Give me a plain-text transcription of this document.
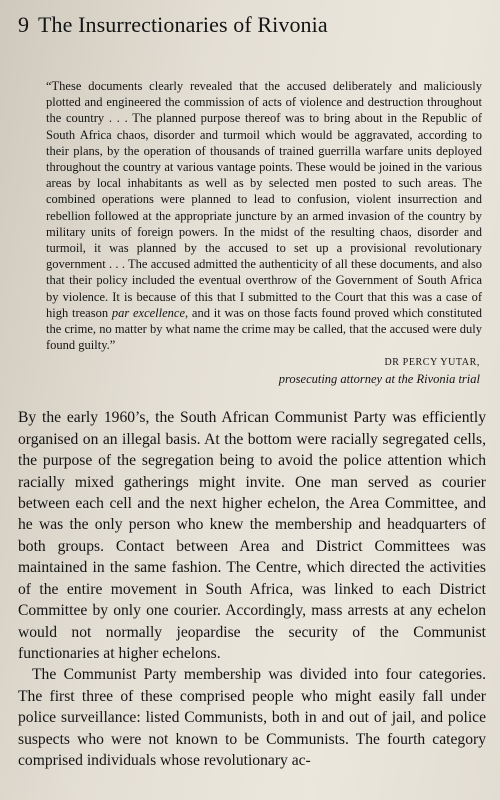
9 The Insurrectionaries of Rivonia

“These documents clearly revealed that the accused deliberately and maliciously plotted and engineered the commission of acts of violence and destruction throughout the country . . . The planned purpose thereof was to bring about in the Republic of South Africa chaos, disorder and turmoil which would be aggravated, according to their plans, by the operation of thousands of trained guerrilla warfare units deployed throughout the country at various vantage points. These would be joined in the various areas by local inhabitants as well as by selected men posted to such areas. The combined operations were planned to lead to confusion, violent insurrection and rebellion followed at the appropriate juncture by an armed invasion of the country by military units of foreign powers. In the midst of the resulting chaos, disorder and turmoil, it was planned by the accused to set up a provisional revolutionary government . . . The accused admitted the authenticity of all these documents, and also that their policy included the eventual overthrow of the Government of South Africa by violence. It is because of this that I submitted to the Court that this was a case of high treason par excellence, and it was on those facts found proved which constituted the crime, no matter by what name the crime may be called, that the accused were duly found guilty.”

DR PERCY YUTAR,
prosecuting attorney at the Rivonia trial

By the early 1960’s, the South African Communist Party was efficiently organised on an illegal basis. At the bottom were racially segregated cells, the purpose of the segregation being to avoid the police attention which racially mixed gatherings might invite. One man served as courier between each cell and the next higher echelon, the Area Committee, and he was the only person who knew the membership and headquarters of both groups. Contact between Area and District Committees was maintained in the same fashion. The Centre, which directed the activities of the entire movement in South Africa, was linked to each District Committee by only one courier. Accordingly, mass arrests at any echelon would not normally jeopardise the security of the Communist functionaries at higher echelons.

The Communist Party membership was divided into four categories. The first three of these comprised people who might easily fall under police surveillance: listed Communists, both in and out of jail, and police suspects who were not known to be Communists. The fourth category comprised individuals whose revolutionary ac-
